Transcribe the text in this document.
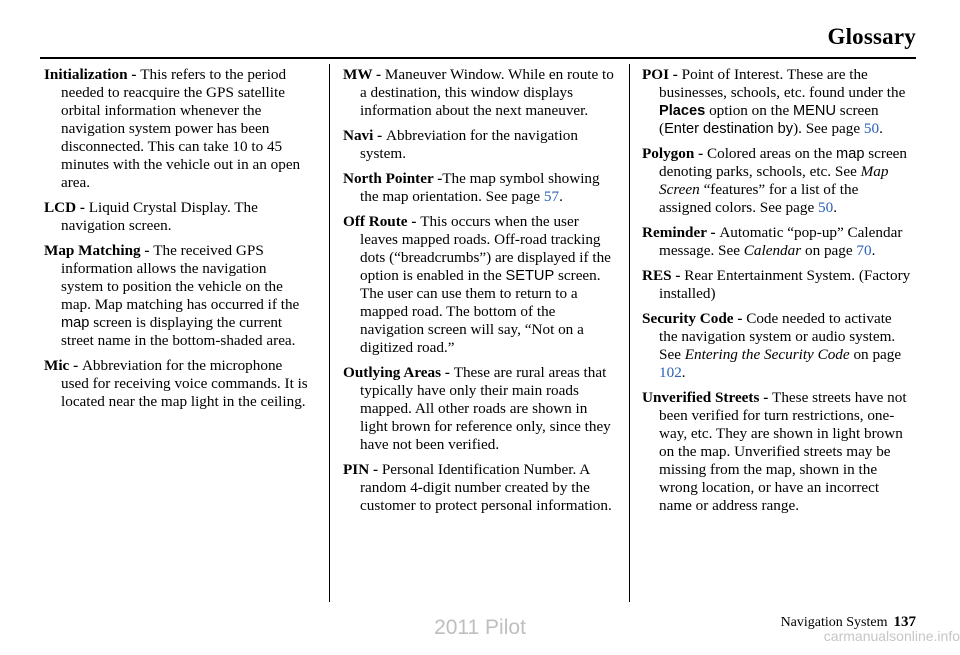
Glossary

Initialization - This refers to the period needed to reacquire the GPS satellite orbital information whenever the navigation system power has been disconnected. This can take 10 to 45 minutes with the vehicle out in an open area.

LCD - Liquid Crystal Display. The navigation screen.

Map Matching - The received GPS information allows the navigation system to position the vehicle on the map. Map matching has occurred if the map screen is displaying the current street name in the bottom-shaded area.

Mic - Abbreviation for the microphone used for receiving voice commands. It is located near the map light in the ceiling.

MW - Maneuver Window. While en route to a destination, this window displays information about the next maneuver.

Navi - Abbreviation for the navigation system.

North Pointer -The map symbol showing the map orientation. See page 57.

Off Route - This occurs when the user leaves mapped roads. Off-road tracking dots (“breadcrumbs”) are displayed if the option is enabled in the SETUP screen. The user can use them to return to a mapped road. The bottom of the navigation screen will say, “Not on a digitized road.”

Outlying Areas - These are rural areas that typically have only their main roads mapped. All other roads are shown in light brown for reference only, since they have not been verified.

PIN - Personal Identification Number. A random 4-digit number created by the customer to protect personal information.

POI - Point of Interest. These are the businesses, schools, etc. found under the Places option on the MENU screen (Enter destination by). See page 50.

Polygon - Colored areas on the map screen denoting parks, schools, etc. See Map Screen “features” for a list of the assigned colors. See page 50.

Reminder - Automatic “pop-up” Calendar message. See Calendar on page 70.

RES - Rear Entertainment System. (Factory installed)

Security Code - Code needed to activate the navigation system or audio system. See Entering the Security Code on page 102.

Unverified Streets - These streets have not been verified for turn restrictions, one-way, etc. They are shown in light brown on the map. Unverified streets may be missing from the map, shown in the wrong location, or have an incorrect name or address range.

Navigation System 137
2011 Pilot	carmanualsonline.info
